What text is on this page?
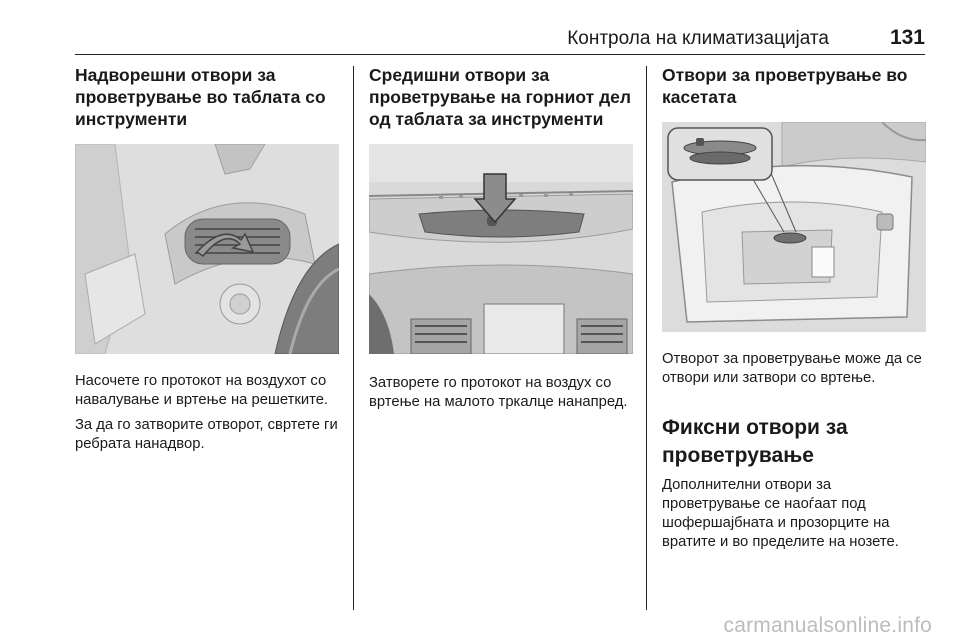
Контрола на климатизацијата	131
Надворешни отвори за проветрување во таблата со инструменти

Насочете го протокот на воздухот со навалување и вртење на решетките.

За да го затворите отворот, свртете ги ребрата нанадвор.

Средишни отвори за проветрување на горниот дел од таблата за инструменти

Затворете го протокот на воздух со вртење на малото тркалце нанапред.

Отвори за проветрување во касетата

Отворот за проветрување може да се отвори или затвори со вртење.

Фиксни отвори за проветрување

Дополнителни отвори за проветрување се наоѓаат под шофершајбната и прозорците на вратите и во пределите на нозете.

carmanualsonline.info
